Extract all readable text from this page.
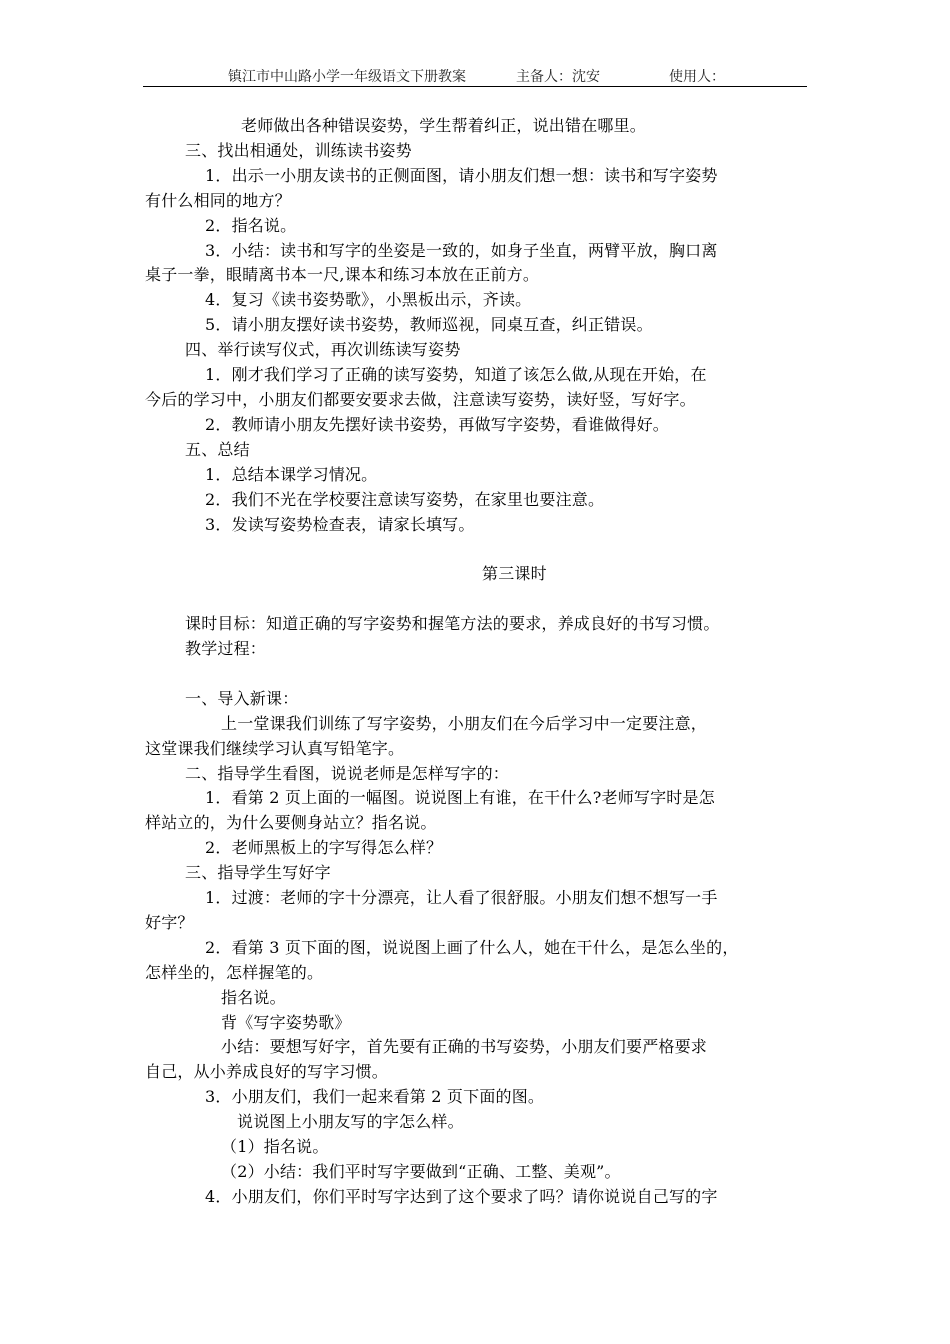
镇江市中山路小学一年级语文下册教案	主备人：沈安	使用人：

老师做出各种错误姿势，学生帮着纠正，说出错在哪里。

三、找出相通处，训练读书姿势

1．出示一小朋友读书的正侧面图，请小朋友们想一想：读书和写字姿势

有什么相同的地方？

2．指名说。

3．小结：读书和写字的坐姿是一致的，如身子坐直，两臂平放，胸口离

桌子一拳，眼睛离书本一尺,课本和练习本放在正前方。

4．复习《读书姿势歌》，小黑板出示，齐读。

5．请小朋友摆好读书姿势，教师巡视，同桌互查，纠正错误。

四、举行读写仪式，再次训练读写姿势

1．刚才我们学习了正确的读写姿势，知道了该怎么做,从现在开始，在

今后的学习中，小朋友们都要安要求去做，注意读写姿势，读好竖，写好字。

2．教师请小朋友先摆好读书姿势，再做写字姿势，看谁做得好。

五、总结

1．总结本课学习情况。

2．我们不光在学校要注意读写姿势，在家里也要注意。

3．发读写姿势检查表，请家长填写。

第三课时

课时目标：知道正确的写字姿势和握笔方法的要求，养成良好的书写习惯。

教学过程：

一、导入新课：

上一堂课我们训练了写字姿势，小朋友们在今后学习中一定要注意，

这堂课我们继续学习认真写铅笔字。

二、指导学生看图，说说老师是怎样写字的：

1．看第 2 页上面的一幅图。说说图上有谁，在干什么?老师写字时是怎

样站立的，为什么要侧身站立？指名说。

2．老师黑板上的字写得怎么样？

三、指导学生写好字

1．过渡：老师的字十分漂亮，让人看了很舒服。小朋友们想不想写一手

好字？

2．看第 3 页下面的图，说说图上画了什么人，她在干什么，是怎么坐的，

怎样坐的，怎样握笔的。

指名说。

背《写字姿势歌》

小结：要想写好字，首先要有正确的书写姿势，小朋友们要严格要求

自己，从小养成良好的写字习惯。

3．小朋友们，我们一起来看第 2 页下面的图。

说说图上小朋友写的字怎么样。

（1）指名说。

（2）小结：我们平时写字要做到“正确、工整、美观”。

4．小朋友们，你们平时写字达到了这个要求了吗？请你说说自己写的字
